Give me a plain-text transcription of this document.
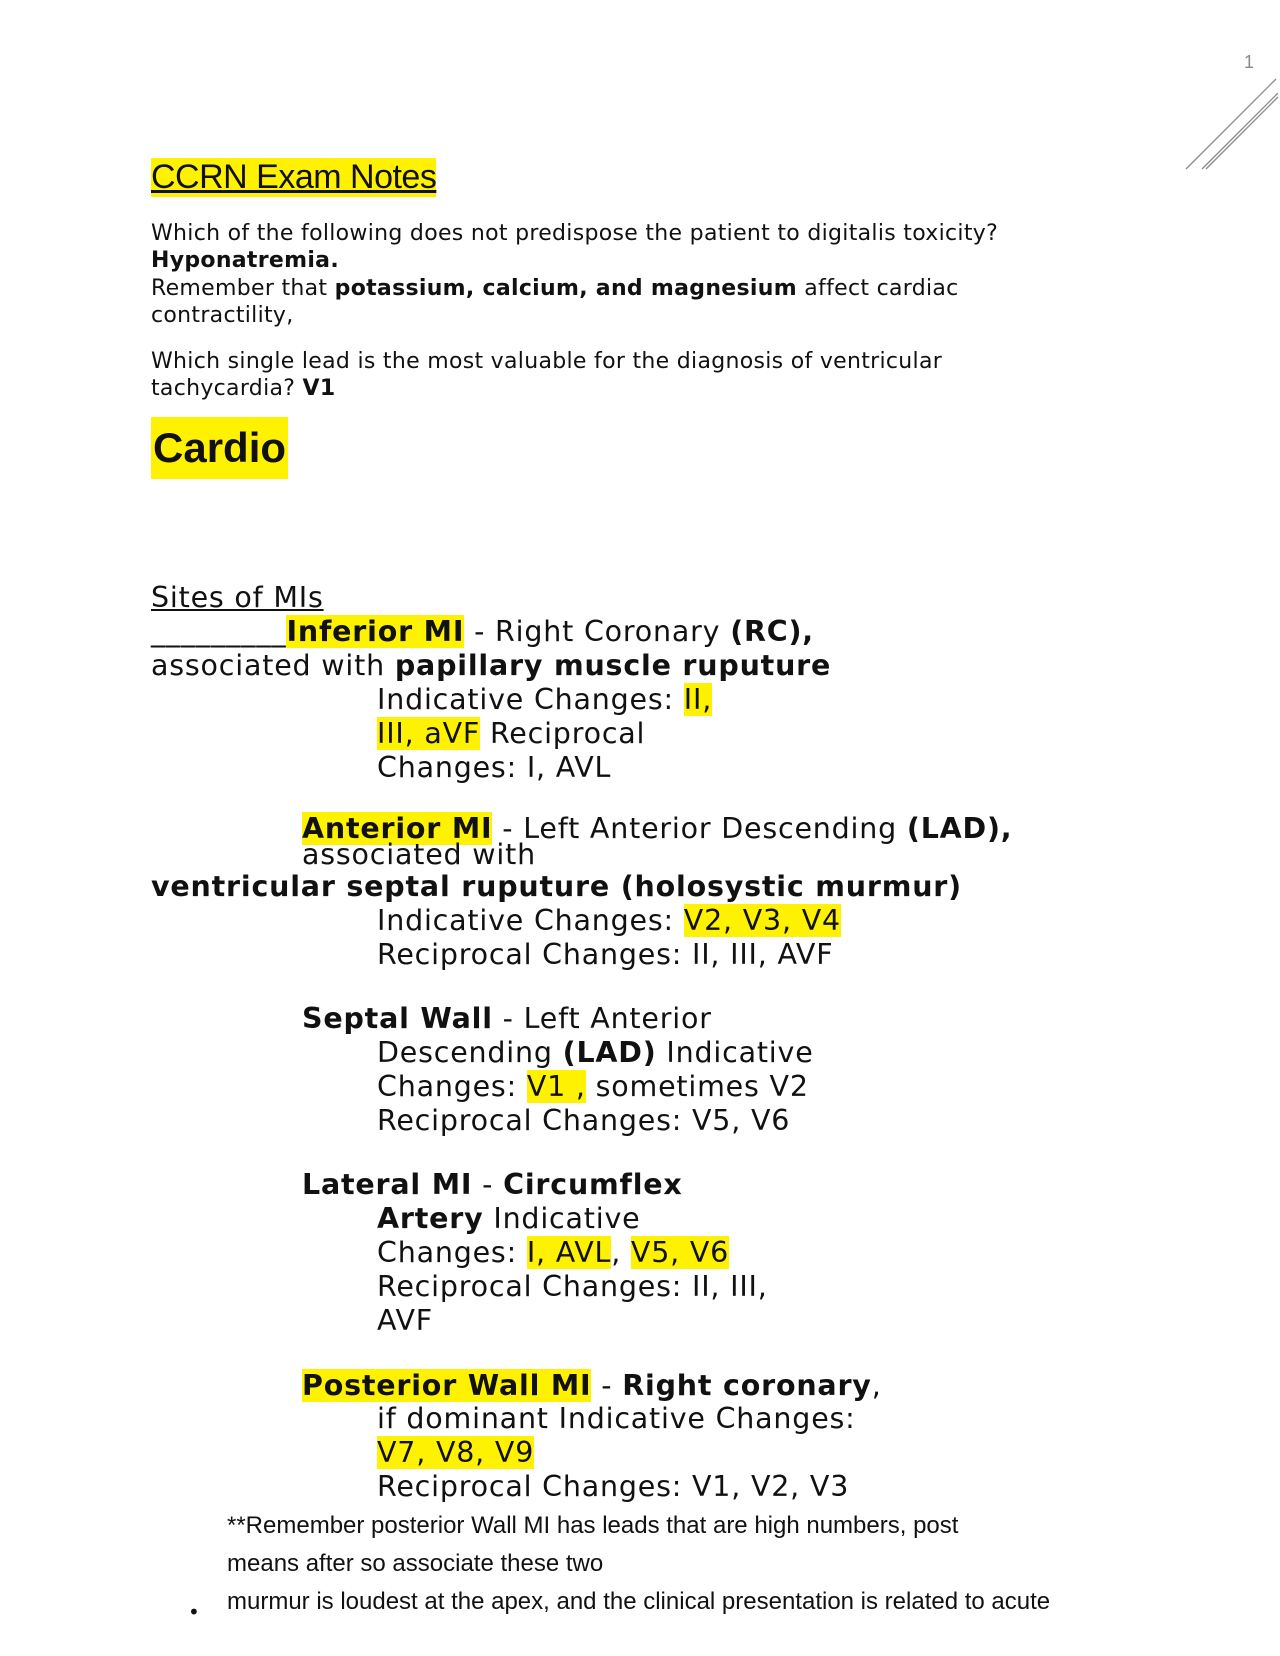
1
CCRN Exam Notes
Which of the following does not predispose the patient to digitalis toxicity?
Hyponatremia.
Remember that potassium, calcium, and magnesium affect cardiac
contractility,
Which single lead is the most valuable for the diagnosis of ventricular
tachycardia? V1
Cardio
Sites of MIs
_________Inferior MI - Right Coronary (RC),
associated with papillary muscle ruputure
Indicative Changes: II,
III, aVF Reciprocal
Changes: I, AVL
Anterior MI - Left Anterior Descending (LAD),
associated with
ventricular septal ruputure (holosystic murmur)
Indicative Changes: V2, V3, V4
Reciprocal Changes: II, III, AVF
Septal Wall - Left Anterior
Descending (LAD) Indicative
Changes: V1 , sometimes V2
Reciprocal Changes: V5, V6
Lateral MI - Circumflex
Artery Indicative
Changes: I, AVL, V5, V6
Reciprocal Changes: II, III,
AVF
Posterior Wall MI - Right coronary,
if dominant Indicative Changes:
V7, V8, V9
Reciprocal Changes: V1, V2, V3
**Remember posterior Wall MI has leads that are high numbers, post
means after so associate these two
• murmur is loudest at the apex, and the clinical presentation is related to acute
